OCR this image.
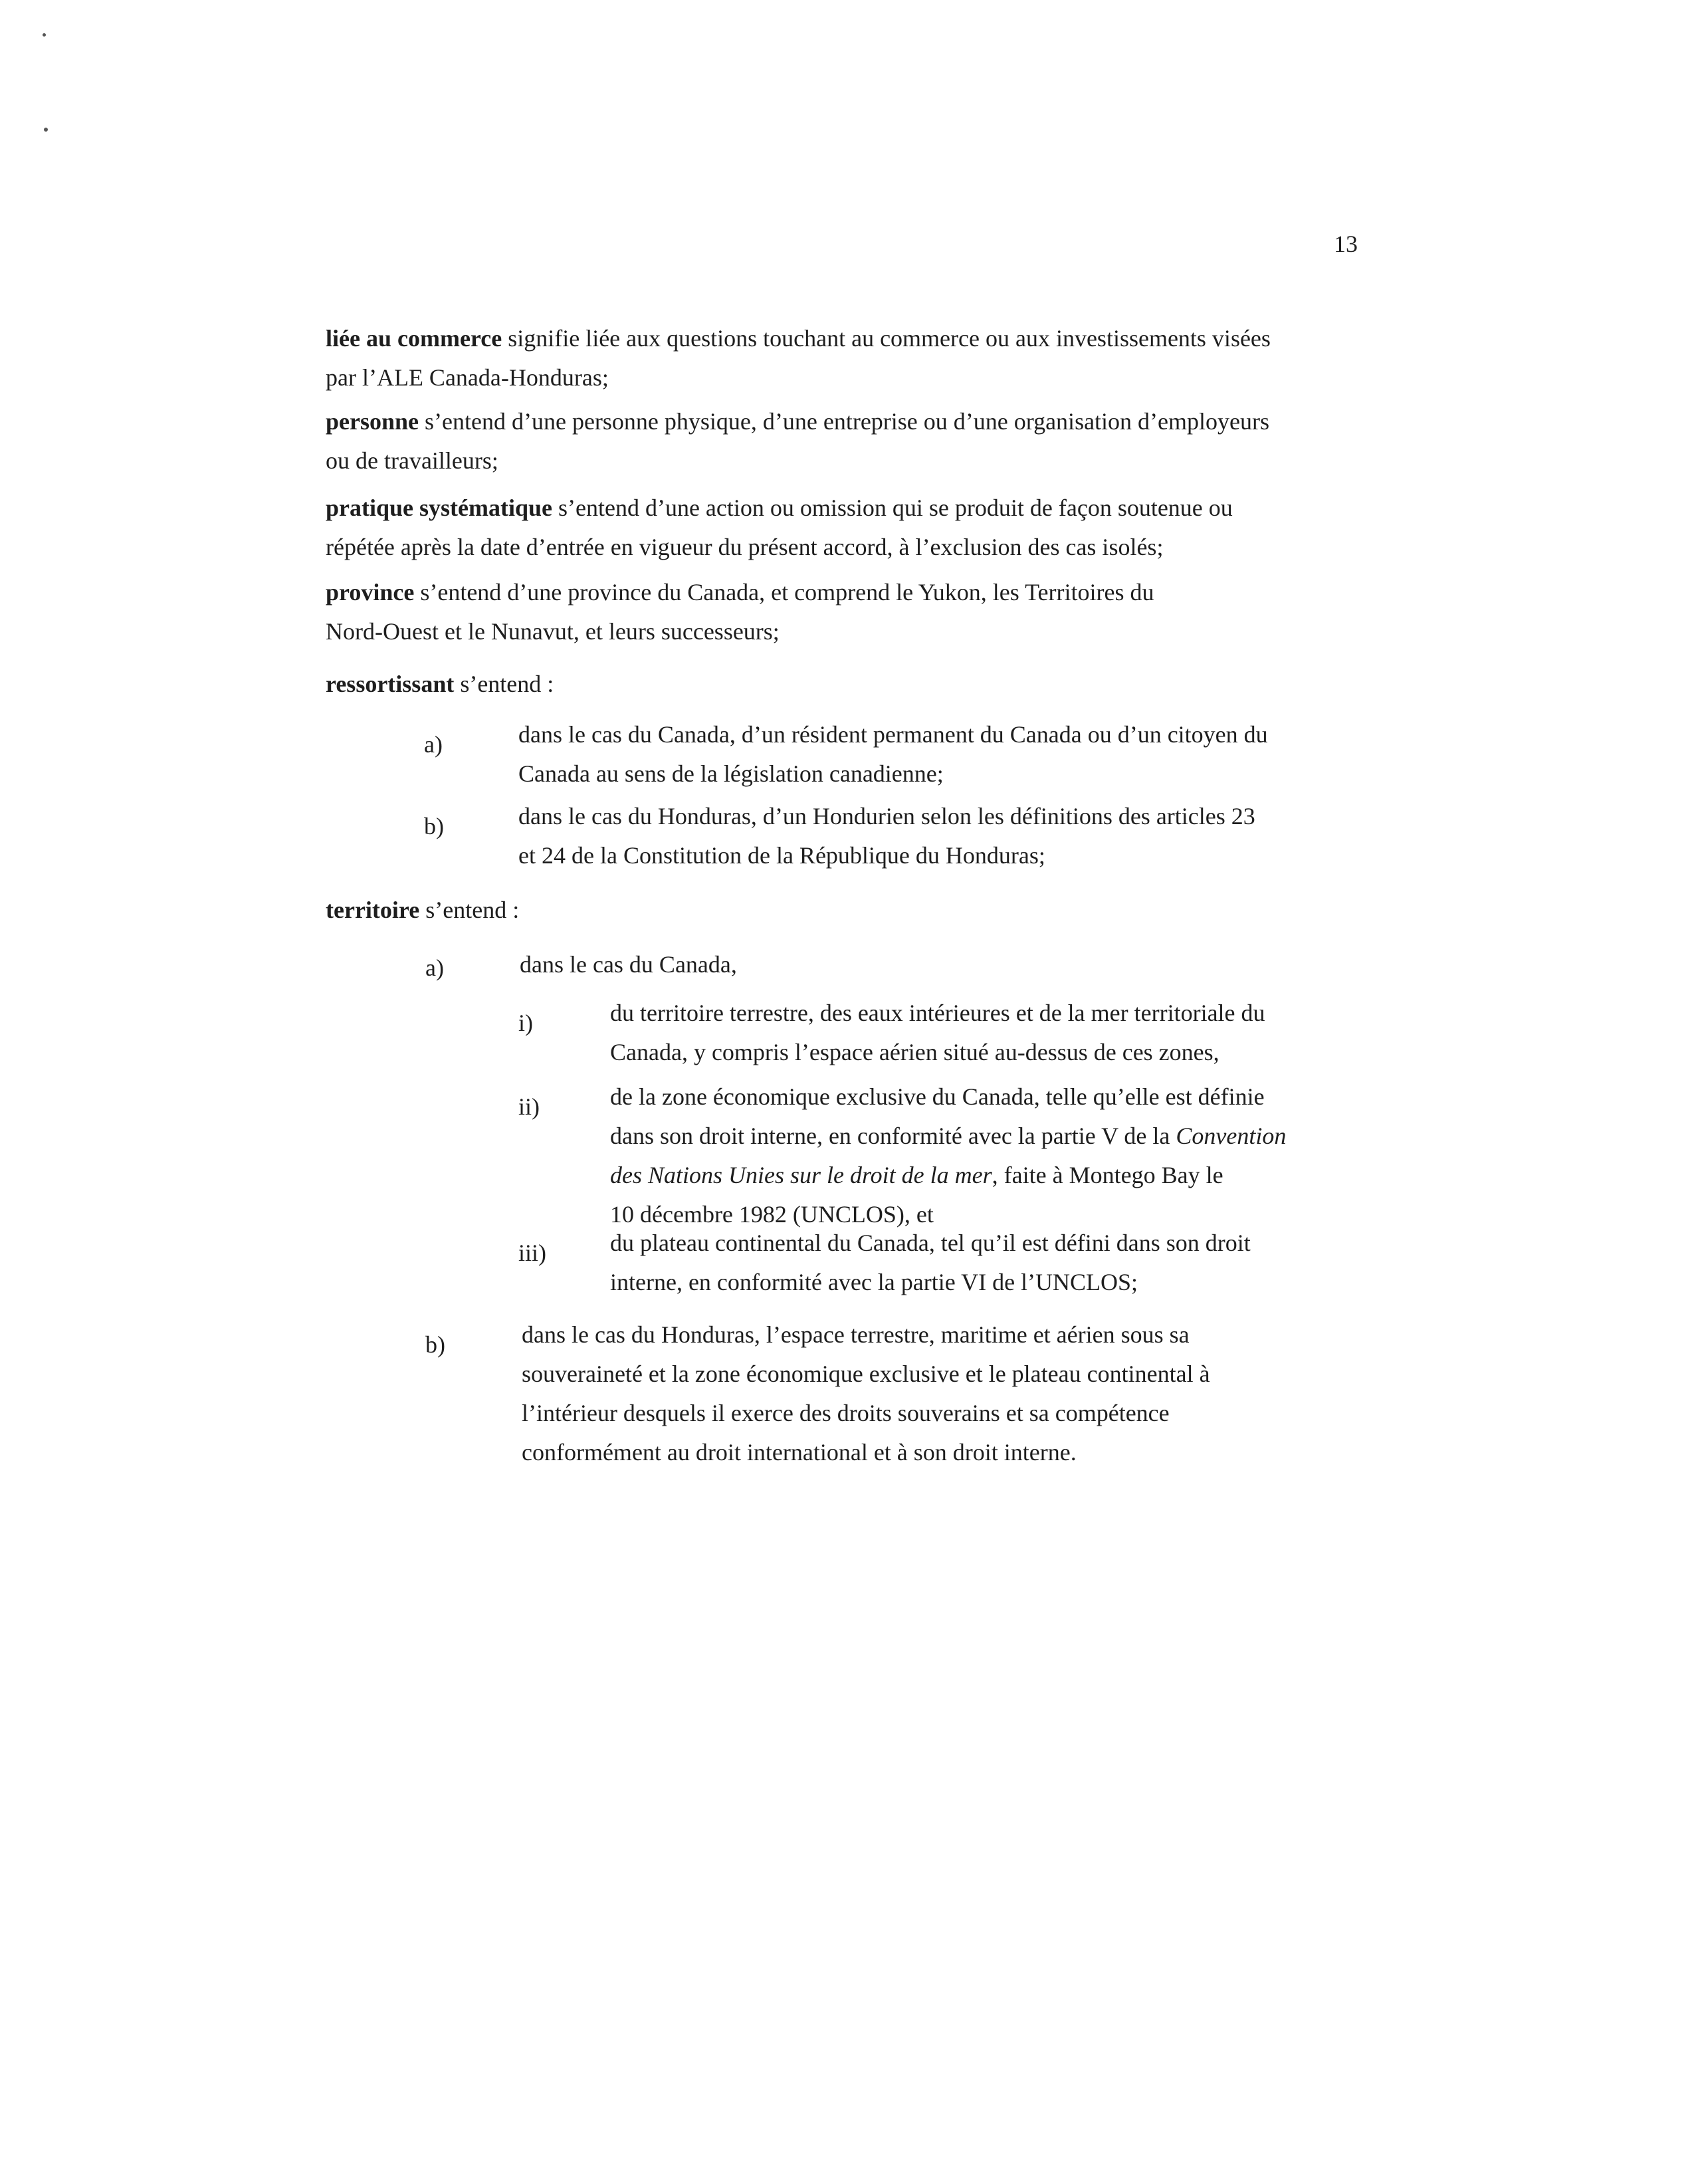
13
liée au commerce signifie liée aux questions touchant au commerce ou aux investissements visées
par l’ALE Canada-Honduras;
personne s’entend d’une personne physique, d’une entreprise ou d’une organisation d’employeurs
ou de travailleurs;
pratique systématique s’entend d’une action ou omission qui se produit de façon soutenue ou
répétée après la date d’entrée en vigueur du présent accord, à l’exclusion des cas isolés;
province s’entend d’une province du Canada, et comprend le Yukon, les Territoires du
Nord-Ouest et le Nunavut, et leurs successeurs;
ressortissant s’entend :
a)	dans le cas du Canada, d’un résident permanent du Canada ou d’un citoyen du
Canada au sens de la législation canadienne;
b)	dans le cas du Honduras, d’un Hondurien selon les définitions des articles 23
et 24 de la Constitution de la République du Honduras;
territoire s’entend :
a)	dans le cas du Canada,
i)	du territoire terrestre, des eaux intérieures et de la mer territoriale du
Canada, y compris l’espace aérien situé au-dessus de ces zones,
ii)	de la zone économique exclusive du Canada, telle qu’elle est définie
dans son droit interne, en conformité avec la partie V de la Convention
des Nations Unies sur le droit de la mer, faite à Montego Bay le
10 décembre 1982 (UNCLOS), et
iii)	du plateau continental du Canada, tel qu’il est défini dans son droit
interne, en conformité avec la partie VI de l’UNCLOS;
b)	dans le cas du Honduras, l’espace terrestre, maritime et aérien sous sa
souveraineté et la zone économique exclusive et le plateau continental à
l’intérieur desquels il exerce des droits souverains et sa compétence
conformément au droit international et à son droit interne.
